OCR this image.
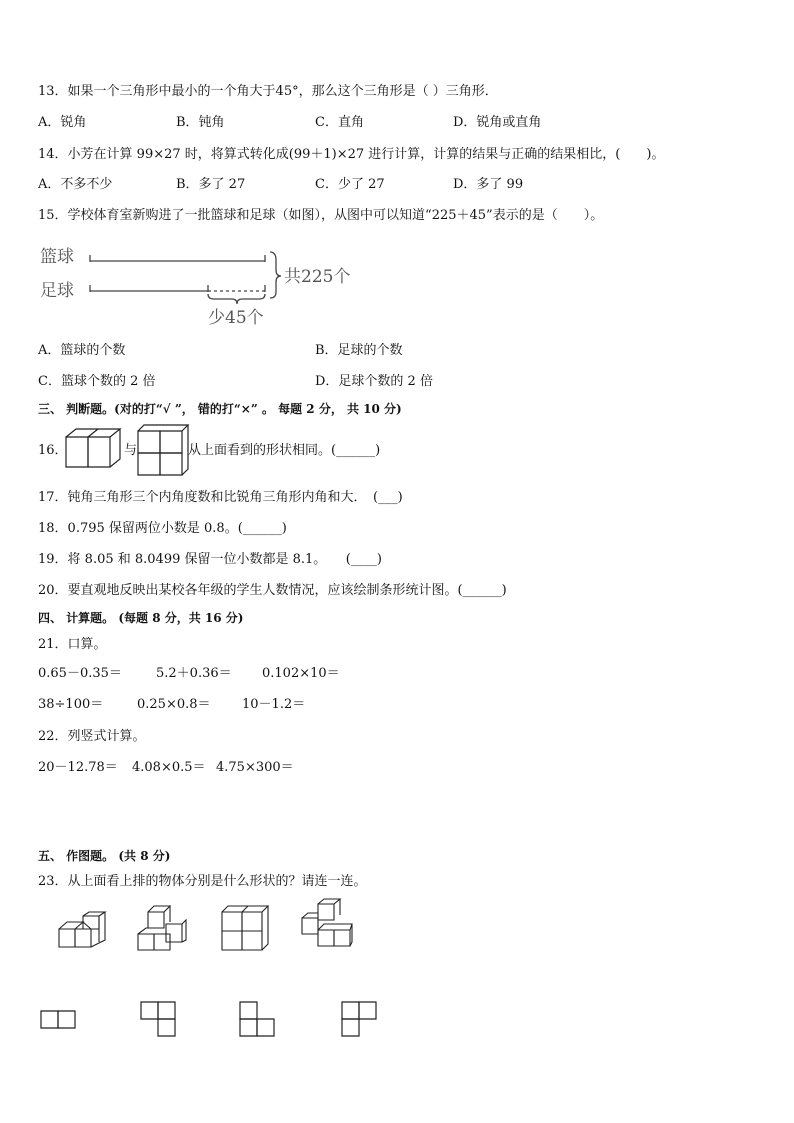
13．如果一个三角形中最小的一个角大于45°，那么这个三角形是（ ）三角形．
A．锐角	B．钝角	C．直角	D．锐角或直角
14．小芳在计算 99×27 时，将算式转化成(99＋1)×27 进行计算，计算的结果与正确的结果相比，(　　)。
A．不多不少	B．多了 27	C．少了 27	D．多了 99
15．学校体育室新购进了一批篮球和足球（如图），从图中可以知道“225＋45”表示的是（　　）。
篮球
足球
共225个
少45个
A．篮球的个数	B．足球的个数
C．篮球个数的 2 倍	D．足球个数的 2 倍
三、 判断题。(对的打“√ ”， 错的打“×” 。 每题 2 分， 共 10 分)
16．	与	从上面看到的形状相同。(______)
17．钝角三角形三个内角度数和比锐角三角形内角和大．　(___)
18．0.795 保留两位小数是 0.8。(______)
19．将 8.05 和 8.0499 保留一位小数都是 8.1。　　(____)
20．要直观地反映出某校各年级的学生人数情况，应该绘制条形统计图。(______)
四、 计算题。 (每题 8 分，共 16 分)
21．口算。
0.65－0.35＝	5.2＋0.36＝ 0.102×10＝
38÷100＝	0.25×0.8＝ 10－1.2＝
22．列竖式计算。
20－12.78＝ 4.08×0.5＝ 4.75×300＝
五、 作图题。 (共 8 分)
23．从上面看上排的物体分别是什么形状的？请连一连。
